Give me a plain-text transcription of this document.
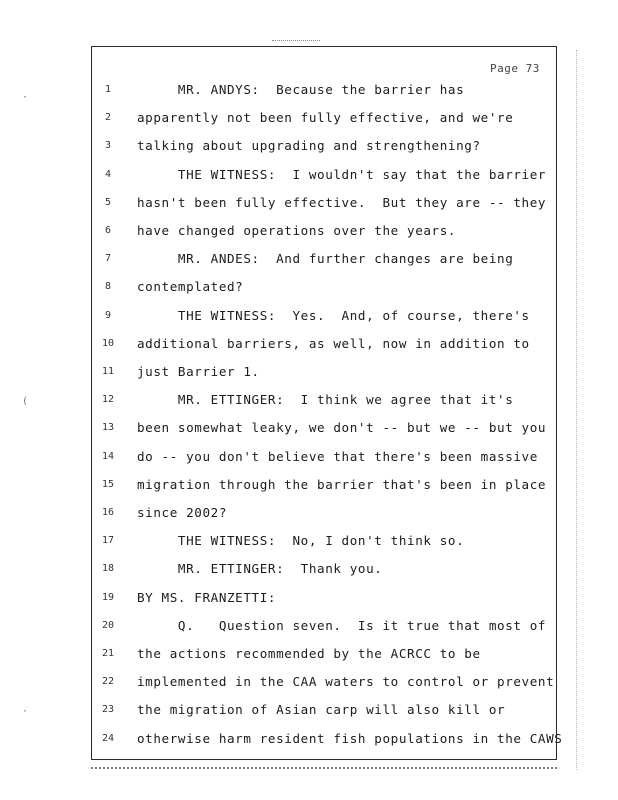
Page 73
·
(
·
1	MR. ANDYS:  Because the barrier has
2	apparently not been fully effective, and we're
3	talking about upgrading and strengthening?
4	THE WITNESS:  I wouldn't say that the barrier
5	hasn't been fully effective.  But they are -- they
6	have changed operations over the years.
7	MR. ANDES:  And further changes are being
8	contemplated?
9	THE WITNESS:  Yes.  And, of course, there's
10	additional barriers, as well, now in addition to
11	just Barrier 1.
12	MR. ETTINGER:  I think we agree that it's
13	been somewhat leaky, we don't -- but we -- but you
14	do -- you don't believe that there's been massive
15	migration through the barrier that's been in place
16	since 2002?
17	THE WITNESS:  No, I don't think so.
18	MR. ETTINGER:  Thank you.
19	BY MS. FRANZETTI:
20	Q.   Question seven.  Is it true that most of
21	the actions recommended by the ACRCC to be
22	implemented in the CAA waters to control or prevent
23	the migration of Asian carp will also kill or
24	otherwise harm resident fish populations in the CAWS
